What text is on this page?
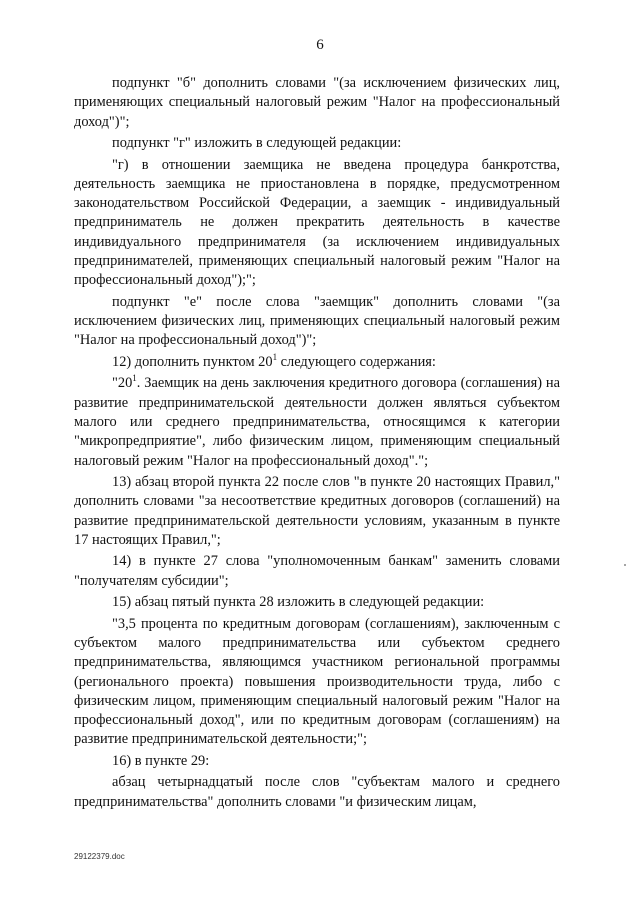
6

подпункт "б" дополнить словами "(за исключением физических лиц, применяющих специальный налоговый режим "Налог на профессиональный доход")";

подпункт "г" изложить в следующей редакции:

"г) в отношении заемщика не введена процедура банкротства, деятельность заемщика не приостановлена в порядке, предусмотренном законодательством Российской Федерации, а заемщик - индивидуальный предприниматель не должен прекратить деятельность в качестве индивидуального предпринимателя (за исключением индивидуальных предпринимателей, применяющих специальный налоговый режим "Налог на профессиональный доход");";

подпункт "е" после слова "заемщик" дополнить словами "(за исключением физических лиц, применяющих специальный налоговый режим "Налог на профессиональный доход")";

12) дополнить пунктом $20^1$ следующего содержания:

"$20^1$. Заемщик на день заключения кредитного договора (соглашения) на развитие предпринимательской деятельности должен являться субъектом малого или среднего предпринимательства, относящимся к категории "микропредприятие", либо физическим лицом, применяющим специальный налоговый режим "Налог на профессиональный доход".";

13) абзац второй пункта 22 после слов "в пункте 20 настоящих Правил," дополнить словами "за несоответствие кредитных договоров (соглашений) на развитие предпринимательской деятельности условиям, указанным в пункте 17 настоящих Правил,";

14) в пункте 27 слова "уполномоченным банкам" заменить словами "получателям субсидии";

15) абзац пятый пункта 28 изложить в следующей редакции:

"3,5 процента по кредитным договорам (соглашениям), заключенным с субъектом малого предпринимательства или субъектом среднего предпринимательства, являющимся участником региональной программы (регионального проекта) повышения производительности труда, либо с физическим лицом, применяющим специальный налоговый режим "Налог на профессиональный доход", или по кредитным договорам (соглашениям) на развитие предпринимательской деятельности;";

16) в пункте 29:

абзац четырнадцатый после слов "субъектам малого и среднего предпринимательства" дополнить словами "и физическим лицам,

29122379.doc
